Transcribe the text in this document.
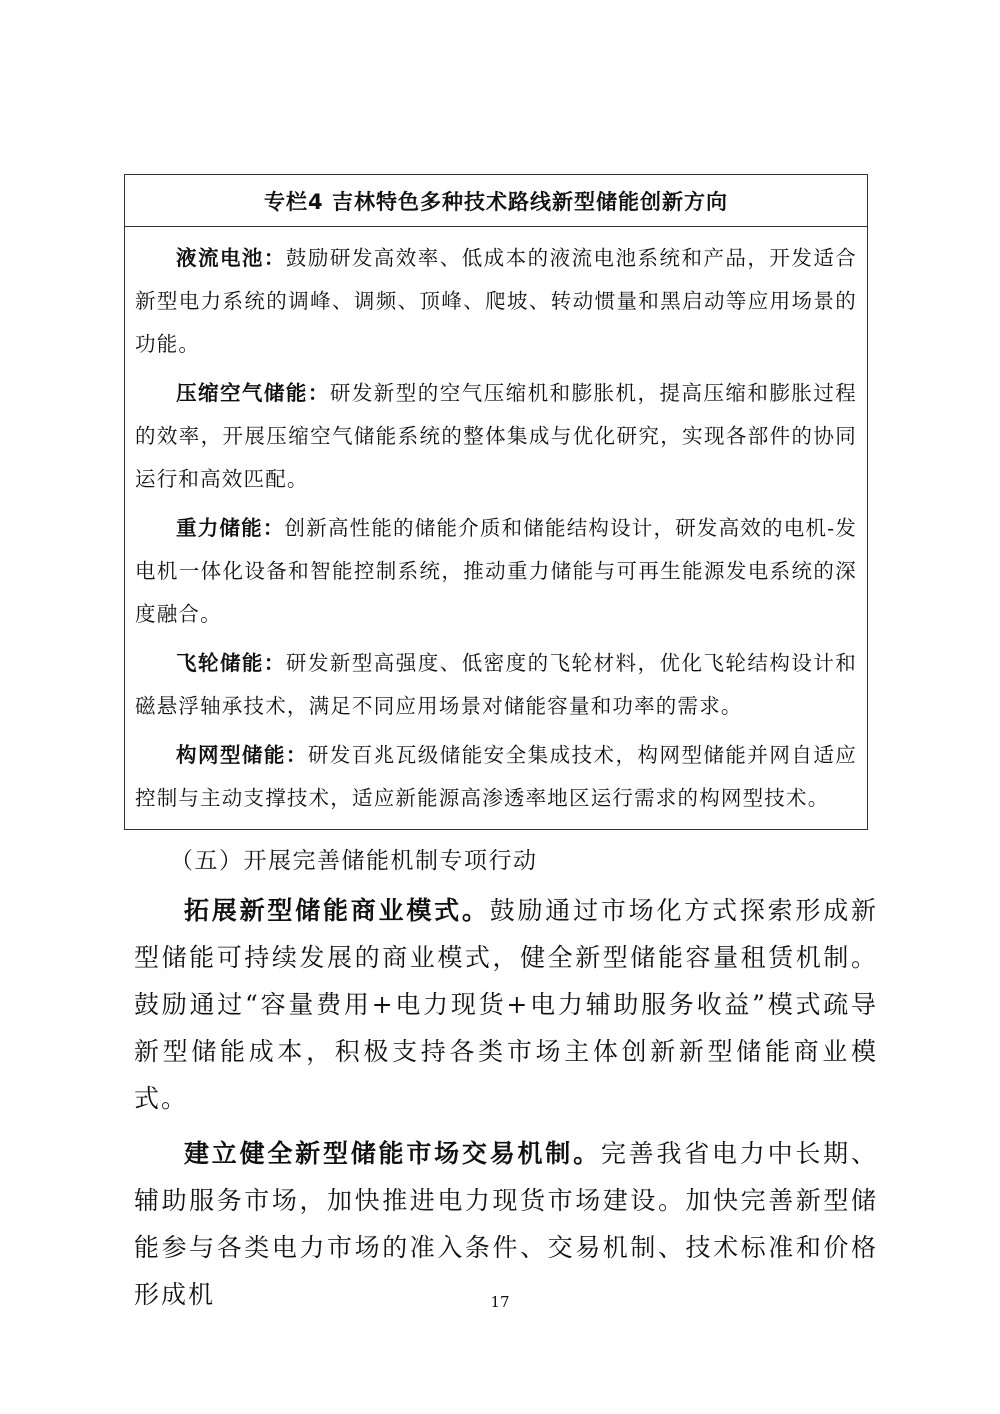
专栏4 吉林特色多种技术路线新型储能创新方向

液流电池：鼓励研发高效率、低成本的液流电池系统和产品，开发适合新型电力系统的调峰、调频、顶峰、爬坡、转动惯量和黑启动等应用场景的功能。

压缩空气储能：研发新型的空气压缩机和膨胀机，提高压缩和膨胀过程的效率，开展压缩空气储能系统的整体集成与优化研究，实现各部件的协同运行和高效匹配。

重力储能：创新高性能的储能介质和储能结构设计，研发高效的电机-发电机一体化设备和智能控制系统，推动重力储能与可再生能源发电系统的深度融合。

飞轮储能：研发新型高强度、低密度的飞轮材料，优化飞轮结构设计和磁悬浮轴承技术，满足不同应用场景对储能容量和功率的需求。

构网型储能：研发百兆瓦级储能安全集成技术，构网型储能并网自适应控制与主动支撑技术，适应新能源高渗透率地区运行需求的构网型技术。

（五）开展完善储能机制专项行动

拓展新型储能商业模式。鼓励通过市场化方式探索形成新型储能可持续发展的商业模式，健全新型储能容量租赁机制。鼓励通过“容量费用+电力现货+电力辅助服务收益”模式疏导新型储能成本，积极支持各类市场主体创新新型储能商业模式。

建立健全新型储能市场交易机制。完善我省电力中长期、辅助服务市场，加快推进电力现货市场建设。加快完善新型储能参与各类电力市场的准入条件、交易机制、技术标准和价格形成机	17
